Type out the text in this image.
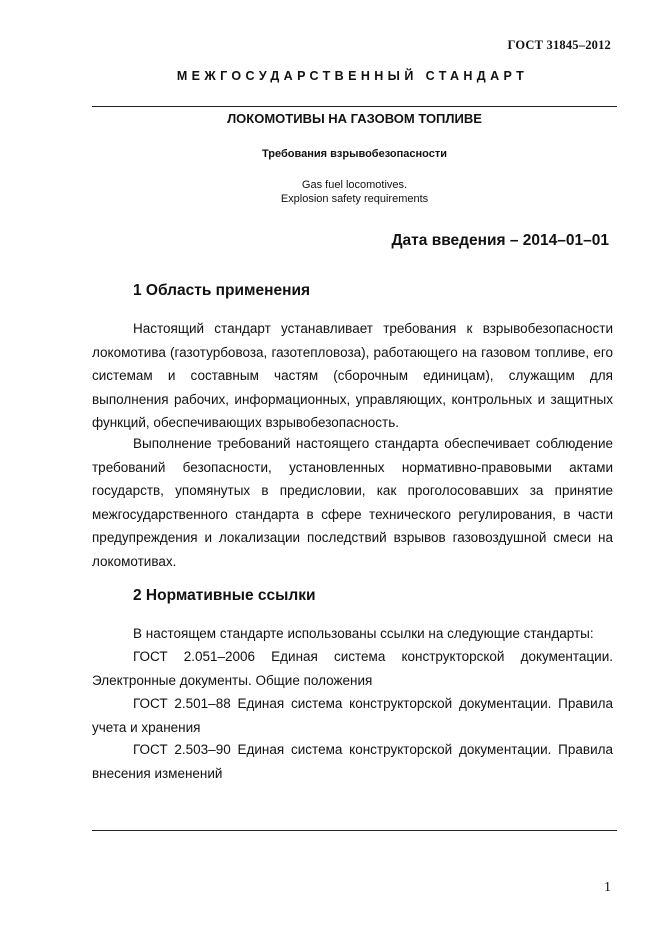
ГОСТ 31845–2012
МЕЖГОСУДАРСТВЕННЫЙ СТАНДАРТ
ЛОКОМОТИВЫ НА ГАЗОВОМ ТОПЛИВЕ
Требования взрывобезопасности
Gas fuel locomotives.
Explosion safety requirements
Дата введения – 2014–01–01
1 Область применения

Настоящий стандарт устанавливает требования к взрывобезопасности локомотива (газотурбовоза, газотепловоза), работающего на газовом топливе, его системам и составным частям (сборочным единицам), служащим для выполнения рабочих, информационных, управляющих, контрольных и защитных функций, обеспечивающих взрывобезопасность.

Выполнение требований настоящего стандарта обеспечивает соблюдение требований безопасности, установленных нормативно-правовыми актами государств, упомянутых в предисловии, как проголосовавших за принятие межгосударственного стандарта в сфере технического регулирования, в части предупреждения и локализации последствий взрывов газовоздушной смеси на локомотивах.

2 Нормативные ссылки

В настоящем стандарте использованы ссылки на следующие стандарты:

ГОСТ 2.051–2006 Единая система конструкторской документации. Электронные документы. Общие положения

ГОСТ 2.501–88 Единая система конструкторской документации. Правила учета и хранения

ГОСТ 2.503–90 Единая система конструкторской документации. Правила внесения изменений

1
